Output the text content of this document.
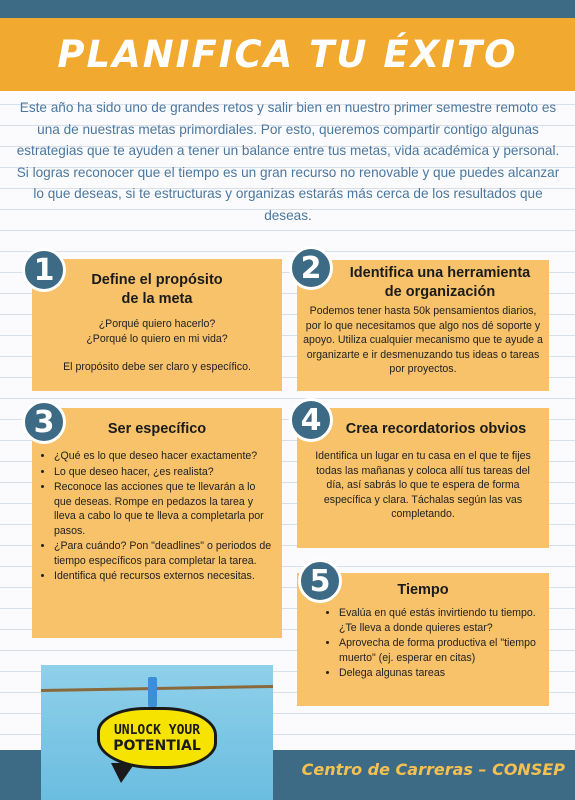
PLANIFICA TU ÉXITO

Este año ha sido uno de grandes retos y salir bien en nuestro primer semestre remoto es una de nuestras metas primordiales. Por esto, queremos compartir contigo algunas estrategias que te ayuden a tener un balance entre tus metas, vida académica y personal. Si logras reconocer que el tiempo es un gran recurso no renovable y que puedes alcanzar lo que deseas, si te estructuras y organizas estarás más cerca de los resultados que deseas.

Define el propósito
de la meta

¿Porqué quiero hacerlo?

¿Porqué lo quiero en mi vida?

El propósito debe ser claro y específico.

1	Identifica una herramienta
de organización

Podemos tener hasta 50k pensamientos diarios, por lo que necesitamos que algo nos dé soporte y apoyo. Utiliza cualquier mecanismo que te ayude a organizarte e ir desmenuzando tus ideas o tareas por proyectos.

2
Ser específico
• ¿Qué es lo que deseo hacer exactamente?
• Lo que deseo hacer, ¿es realista?
• Reconoce las acciones que te llevarán a lo que deseas. Rompe en pedazos la tarea y lleva a cabo lo que te lleva a completarla por pasos.
• ¿Para cuándo? Pon "deadlines" o periodos de tiempo específicos para completar la tarea.
• Identifica qué recursos externos necesitas.
3	Crea recordatorios obvios

Identifica un lugar en tu casa en el que te fijes todas las mañanas y coloca allí tus tareas del día, así sabrás lo que te espera de forma específica y clara. Táchalas según las vas completando.

4
Tiempo
• Evalúa en qué estás invirtiendo tu tiempo. ¿Te lleva a donde quieres estar?
• Aprovecha de forma productiva el "tiempo muerto" (ej. esperar en citas)
• Delega algunas tareas
5
UNLOCK YOUR
POTENTIAL
Centro de Carreras – CONSEP
